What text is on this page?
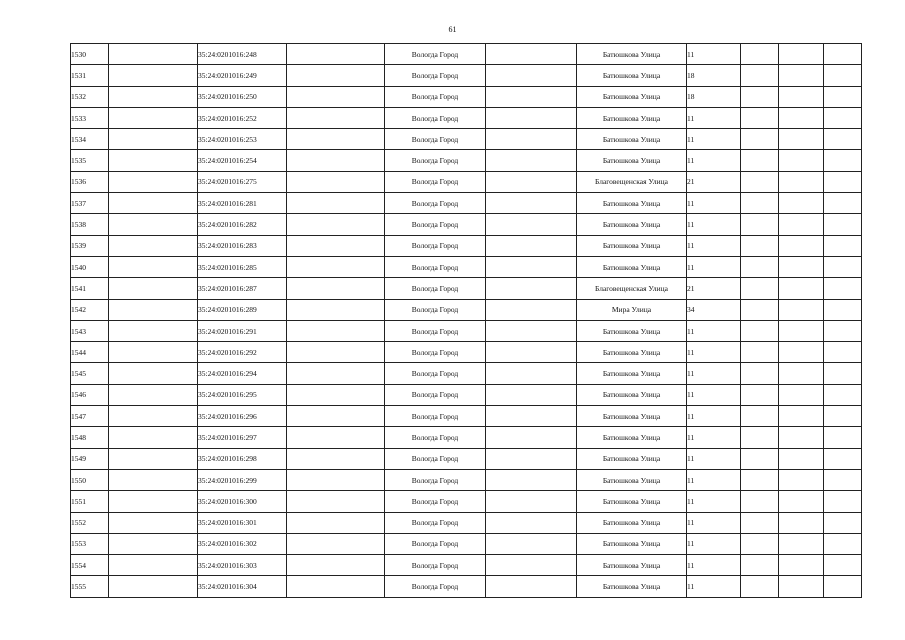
61
1530		35:24:0201016:248		Вологда Город		Батюшкова Улица	11			
1531		35:24:0201016:249		Вологда Город		Батюшкова Улица	18			
1532		35:24:0201016:250		Вологда Город		Батюшкова Улица	18			
1533		35:24:0201016:252		Вологда Город		Батюшкова Улица	11			
1534		35:24:0201016:253		Вологда Город		Батюшкова Улица	11			
1535		35:24:0201016:254		Вологда Город		Батюшкова Улица	11			
1536		35:24:0201016:275		Вологда Город		Благовещенская Улица	21			
1537		35:24:0201016:281		Вологда Город		Батюшкова Улица	11			
1538		35:24:0201016:282		Вологда Город		Батюшкова Улица	11			
1539		35:24:0201016:283		Вологда Город		Батюшкова Улица	11			
1540		35:24:0201016:285		Вологда Город		Батюшкова Улица	11			
1541		35:24:0201016:287		Вологда Город		Благовещенская Улица	21			
1542		35:24:0201016:289		Вологда Город		Мира Улица	34			
1543		35:24:0201016:291		Вологда Город		Батюшкова Улица	11			
1544		35:24:0201016:292		Вологда Город		Батюшкова Улица	11			
1545		35:24:0201016:294		Вологда Город		Батюшкова Улица	11			
1546		35:24:0201016:295		Вологда Город		Батюшкова Улица	11			
1547		35:24:0201016:296		Вологда Город		Батюшкова Улица	11			
1548		35:24:0201016:297		Вологда Город		Батюшкова Улица	11			
1549		35:24:0201016:298		Вологда Город		Батюшкова Улица	11			
1550		35:24:0201016:299		Вологда Город		Батюшкова Улица	11			
1551		35:24:0201016:300		Вологда Город		Батюшкова Улица	11			
1552		35:24:0201016:301		Вологда Город		Батюшкова Улица	11			
1553		35:24:0201016:302		Вологда Город		Батюшкова Улица	11			
1554		35:24:0201016:303		Вологда Город		Батюшкова Улица	11			
1555		35:24:0201016:304		Вологда Город		Батюшкова Улица	11			
